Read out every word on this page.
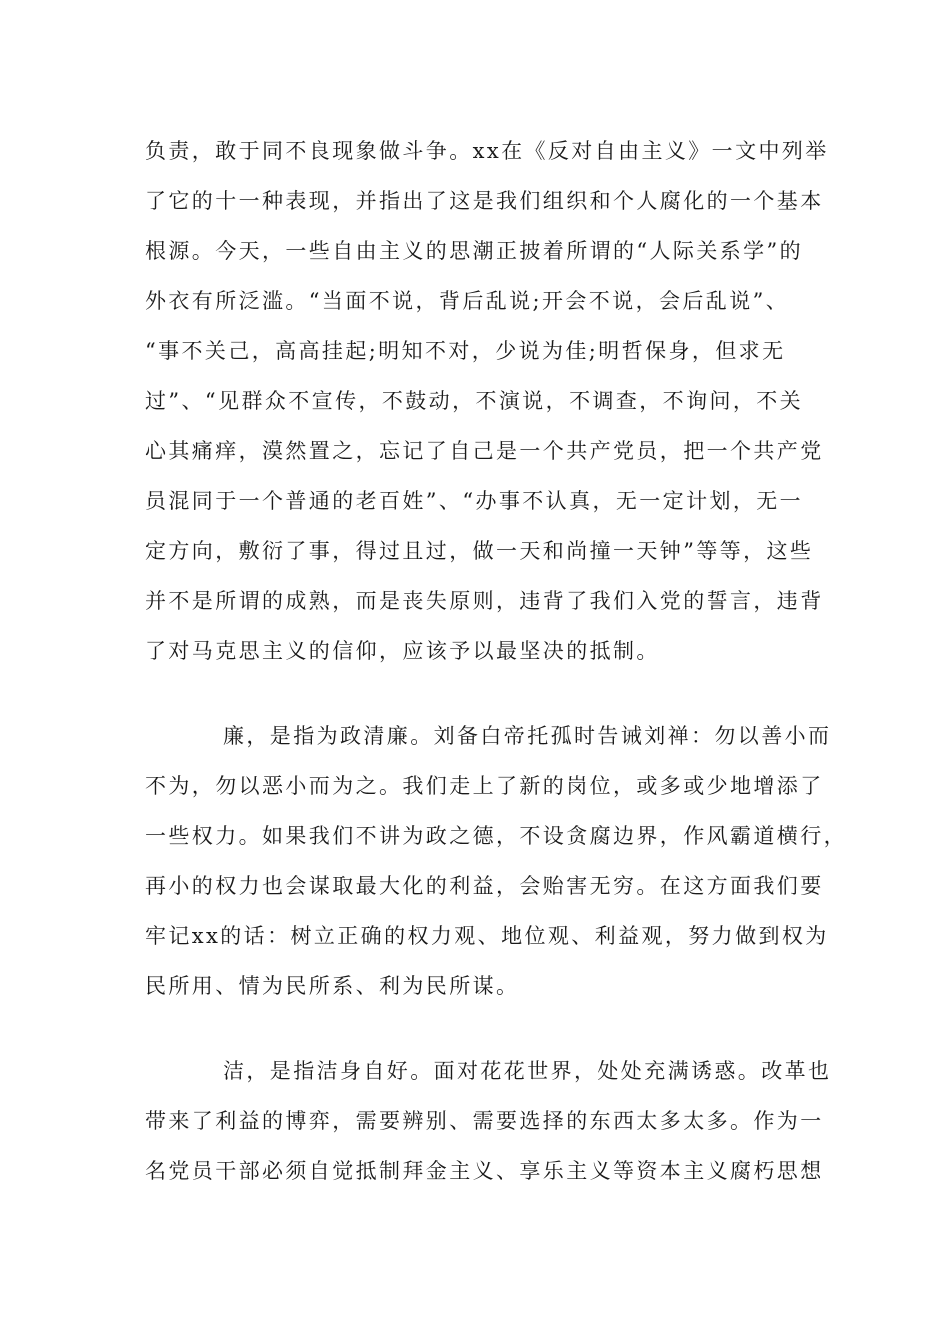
负责，敢于同不良现象做斗争。xx在《反对自由主义》一文中列举
了它的十一种表现，并指出了这是我们组织和个人腐化的一个基本
根源。今天，一些自由主义的思潮正披着所谓的“人际关系学”的
外衣有所泛滥。“当面不说，背后乱说;开会不说，会后乱说”、
“事不关己，高高挂起;明知不对，少说为佳;明哲保身，但求无
过”、“见群众不宣传，不鼓动，不演说，不调查，不询问，不关
心其痛痒，漠然置之，忘记了自己是一个共产党员，把一个共产党
员混同于一个普通的老百姓”、“办事不认真，无一定计划，无一
定方向，敷衍了事，得过且过，做一天和尚撞一天钟”等等，这些
并不是所谓的成熟，而是丧失原则，违背了我们入党的誓言，违背
了对马克思主义的信仰，应该予以最坚决的抵制。
廉，是指为政清廉。刘备白帝托孤时告诫刘禅：勿以善小而
不为，勿以恶小而为之。我们走上了新的岗位，或多或少地增添了
一些权力。如果我们不讲为政之德，不设贪腐边界，作风霸道横行，
再小的权力也会谋取最大化的利益，会贻害无穷。在这方面我们要
牢记xx的话：树立正确的权力观、地位观、利益观，努力做到权为
民所用、情为民所系、利为民所谋。
洁，是指洁身自好。面对花花世界，处处充满诱惑。改革也
带来了利益的博弈，需要辨别、需要选择的东西太多太多。作为一
名党员干部必须自觉抵制拜金主义、享乐主义等资本主义腐朽思想
